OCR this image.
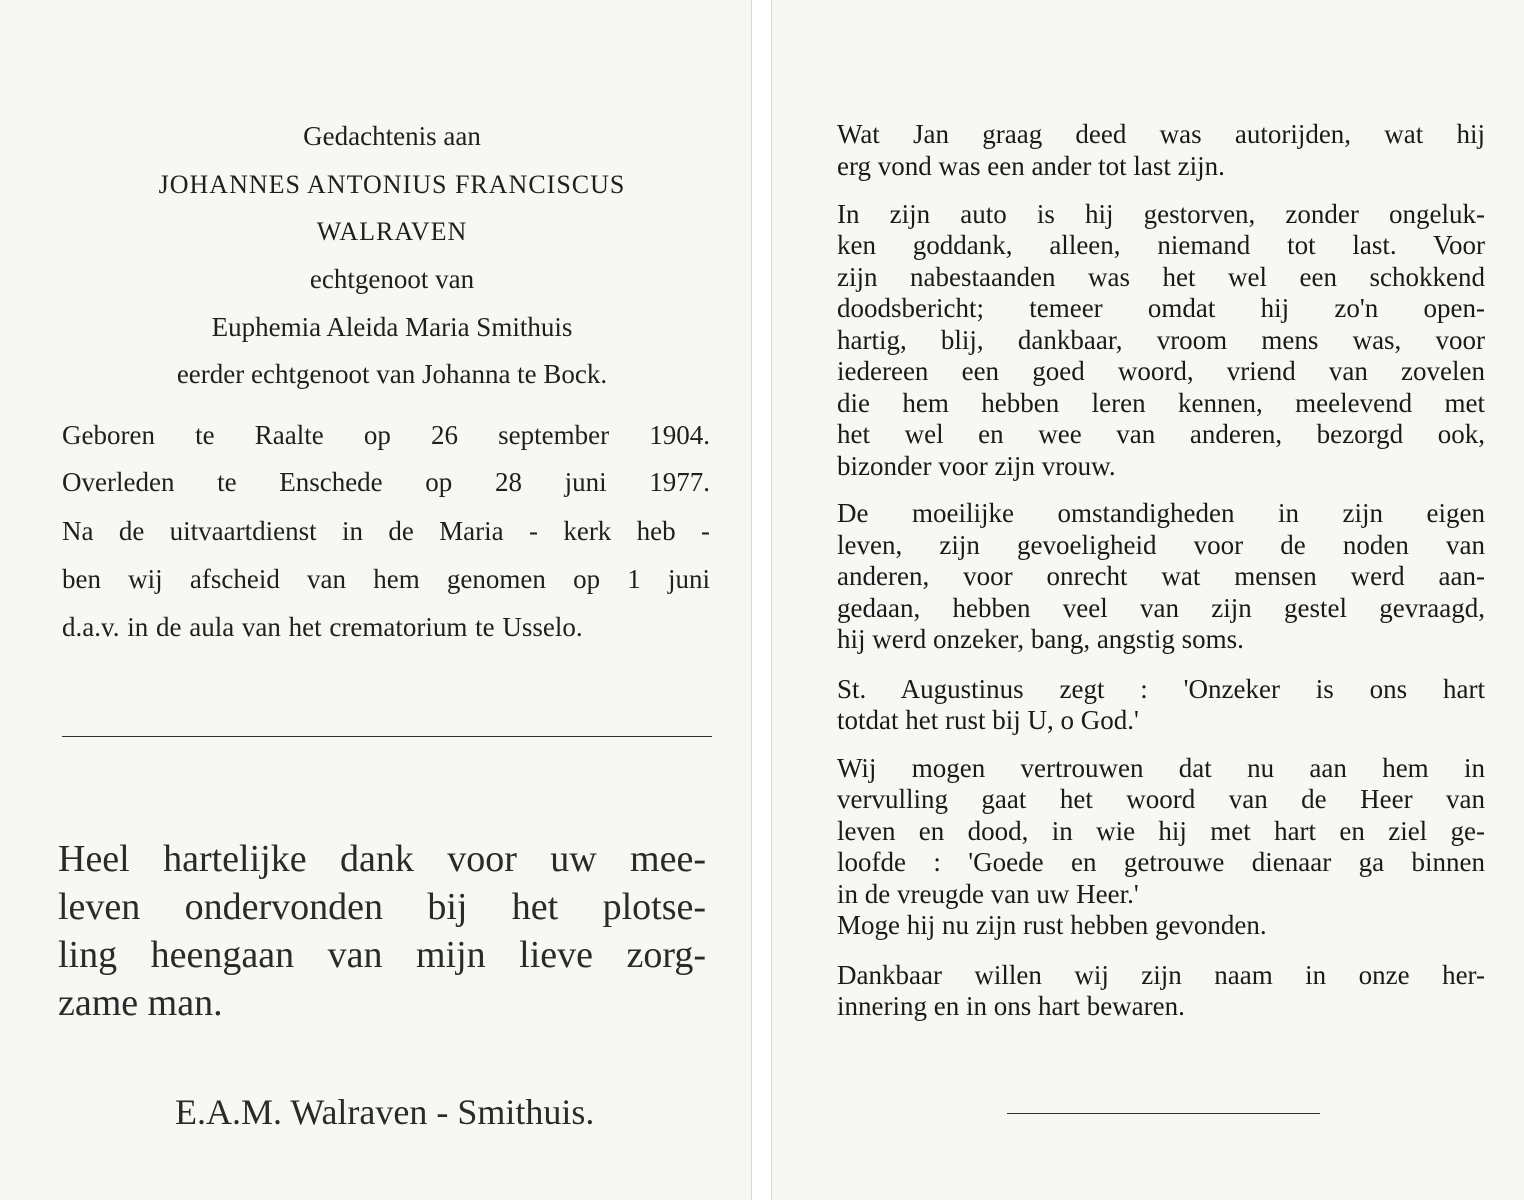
Gedachtenis aan
JOHANNES ANTONIUS FRANCISCUS
WALRAVEN
echtgenoot van
Euphemia Aleida Maria Smithuis
eerder echtgenoot van Johanna te Bock.
Geboren te Raalte op 26 september 1904.
Overleden te Enschede op 28 juni 1977.
Na de uitvaartdienst in de Maria - kerk heb -
ben wij afscheid van hem genomen op 1 juni
d.a.v. in de aula van het crematorium te Usselo.
Heel hartelijke dank voor uw mee-
leven ondervonden bij het plotse-
ling heengaan van mijn lieve zorg-
zame man.
E.A.M. Walraven - Smithuis.
Wat Jan graag deed was autorijden, wat hij
erg vond was een ander tot last zijn.
In zijn auto is hij gestorven, zonder ongeluk-
ken goddank, alleen, niemand tot last. Voor
zijn nabestaanden was het wel een schokkend
doodsbericht; temeer omdat hij zo'n open-
hartig, blij, dankbaar, vroom mens was, voor
iedereen een goed woord, vriend van zovelen
die hem hebben leren kennen, meelevend met
het wel en wee van anderen, bezorgd ook,
bizonder voor zijn vrouw.
De moeilijke omstandigheden in zijn eigen
leven, zijn gevoeligheid voor de noden van
anderen, voor onrecht wat mensen werd aan-
gedaan, hebben veel van zijn gestel gevraagd,
hij werd onzeker, bang, angstig soms.
St. Augustinus zegt : 'Onzeker is ons hart
totdat het rust bij U, o God.'
Wij mogen vertrouwen dat nu aan hem in
vervulling gaat het woord van de Heer van
leven en dood, in wie hij met hart en ziel ge-
loofde : 'Goede en getrouwe dienaar ga binnen
in de vreugde van uw Heer.'
Moge hij nu zijn rust hebben gevonden.
Dankbaar willen wij zijn naam in onze her-
innering en in ons hart bewaren.
